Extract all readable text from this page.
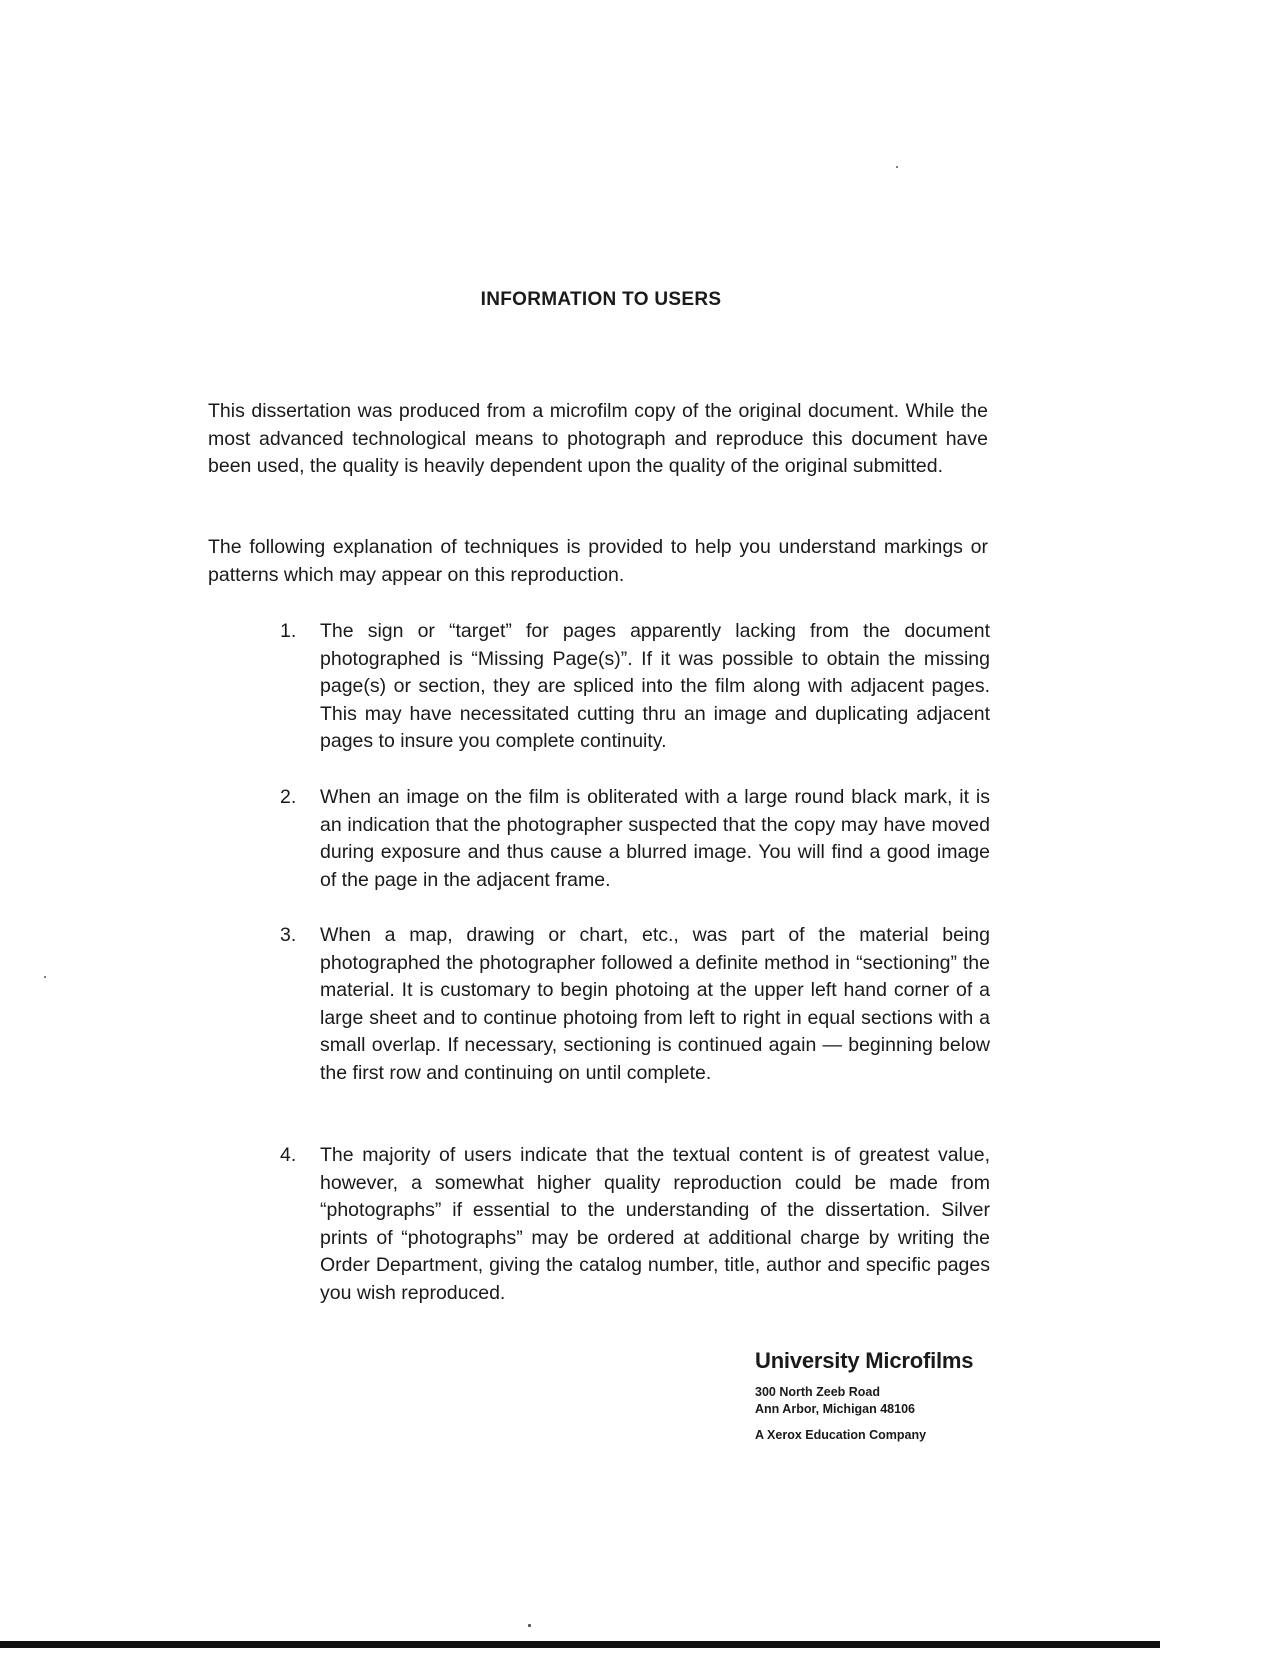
INFORMATION TO USERS

This dissertation was produced from a microfilm copy of the original document. While the most advanced technological means to photograph and reproduce this document have been used, the quality is heavily dependent upon the quality of the original submitted.

The following explanation of techniques is provided to help you understand markings or patterns which may appear on this reproduction.

1.	The sign or “target” for pages apparently lacking from the document photographed is “Missing Page(s)”. If it was possible to obtain the missing page(s) or section, they are spliced into the film along with adjacent pages. This may have necessitated cutting thru an image and duplicating adjacent pages to insure you complete continuity.

2.	When an image on the film is obliterated with a large round black mark, it is an indication that the photographer suspected that the copy may have moved during exposure and thus cause a blurred image. You will find a good image of the page in the adjacent frame.

3.	When a map, drawing or chart, etc., was part of the material being photographed the photographer followed a definite method in “sectioning” the material. It is customary to begin photoing at the upper left hand corner of a large sheet and to continue photoing from left to right in equal sections with a small overlap. If necessary, sectioning is continued again — beginning below the first row and continuing on until complete.

4.	The majority of users indicate that the textual content is of greatest value, however, a somewhat higher quality reproduction could be made from “photographs” if essential to the understanding of the dissertation. Silver prints of “photographs” may be ordered at additional charge by writing the Order Department, giving the catalog number, title, author and specific pages you wish reproduced.

University Microfilms

300 North Zeeb Road

Ann Arbor, Michigan 48106

A Xerox Education Company
